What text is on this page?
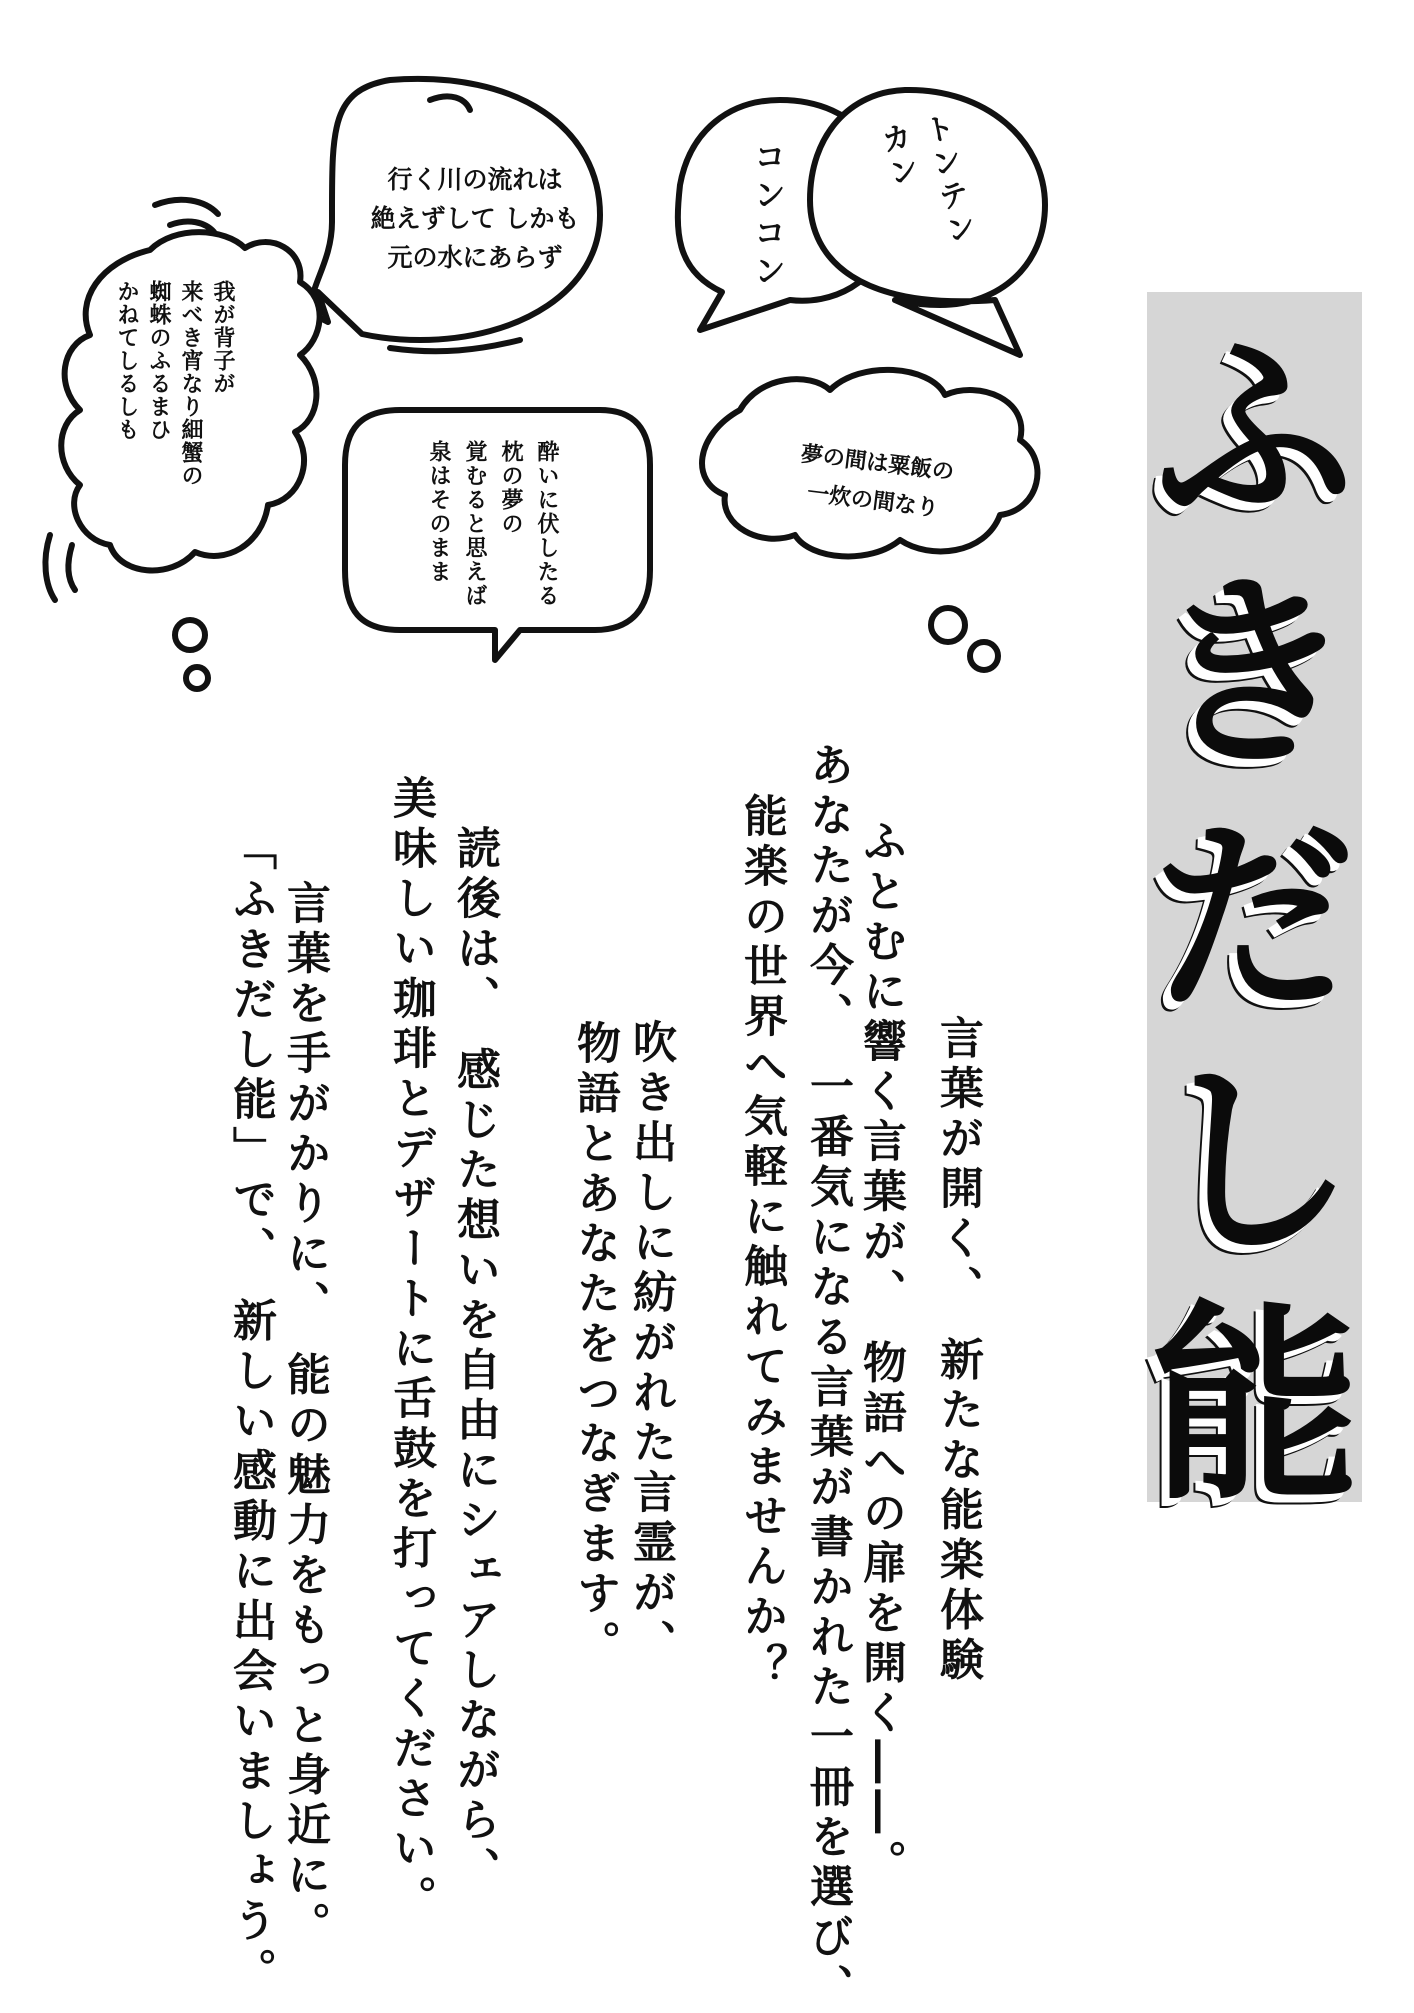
行く川の流れは
絶えずして しかも
元の水にあらず	コンコン	トンテン
カン
我が背子が
来べき宵なり細蟹の
蜘蛛のふるまひ
かねてしるしも
酔いに伏したる
枕の夢の
覚むると思えば
泉はそのまま	夢の間は粟飯の
一炊の間なり ふきだし能
言葉が開く、 新たな能楽体験
ふとむに響く言葉が、 物語への扉を開く――。
あなたが今、 一番気になる言葉が書かれた一冊を選び、
能楽の世界へ気軽に触れてみませんか？
吹き出しに紡がれた言霊が、
物語とあなたをつなぎます。
読後は、 感じた想いを自由にシェアしながら、
美味しい珈琲とデザートに舌鼓を打ってください。
言葉を手がかりに、 能の魅力をもっと身近に。
「ふきだし能」で、 新しい感動に出会いましょう。
